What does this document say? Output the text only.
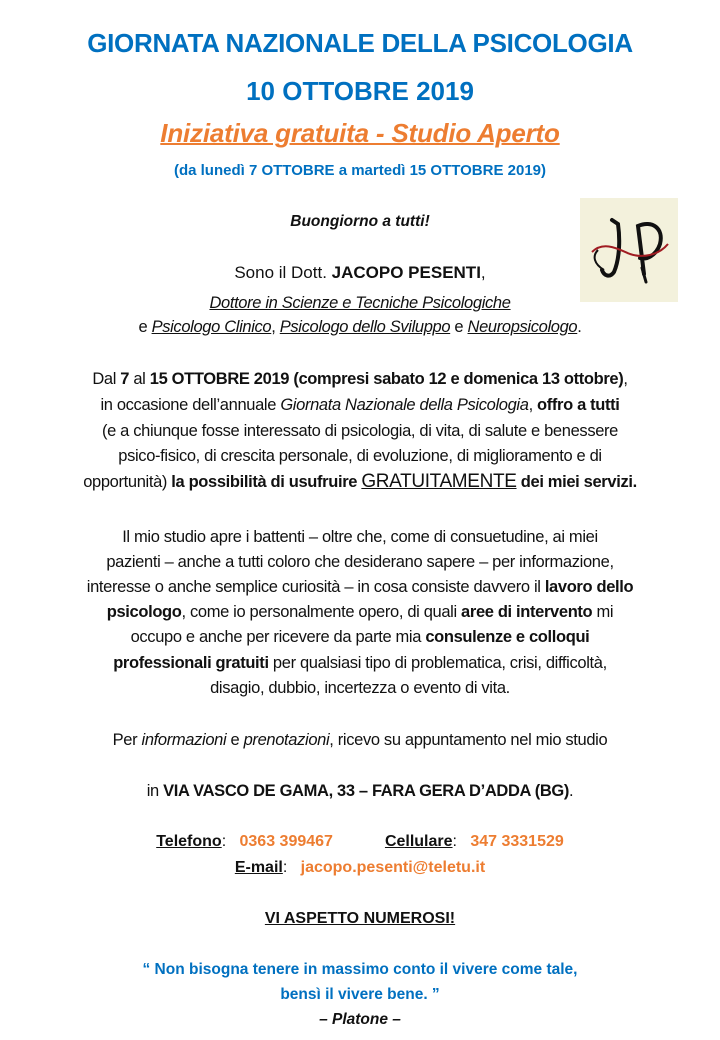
GIORNATA NAZIONALE DELLA PSICOLOGIA
10 OTTOBRE 2019
Iniziativa gratuita - Studio Aperto
(da lunedì 7 OTTOBRE a martedì 15 OTTOBRE 2019)
Buongiorno a tutti!
Sono il Dott. JACOPO PESENTI,
Dottore in Scienze e Tecniche Psicologiche
e Psicologo Clinico, Psicologo dello Sviluppo e Neuropsicologo.
Dal 7 al 15 OTTOBRE 2019 (compresi sabato 12 e domenica 13 ottobre),
in occasione dell’annuale Giornata Nazionale della Psicologia, offro a tutti
(e a chiunque fosse interessato di psicologia, di vita, di salute e benessere
psico-fisico, di crescita personale, di evoluzione, di miglioramento e di
opportunità) la possibilità di usufruire GRATUITAMENTE dei miei servizi.
Il mio studio apre i battenti – oltre che, come di consuetudine, ai miei
pazienti – anche a tutti coloro che desiderano sapere – per informazione,
interesse o anche semplice curiosità – in cosa consiste davvero il lavoro dello
psicologo, come io personalmente opero, di quali aree di intervento mi
occupo e anche per ricevere da parte mia consulenze e colloqui
professionali gratuiti per qualsiasi tipo di problematica, crisi, difficoltà,
disagio, dubbio, incertezza o evento di vita.
Per informazioni e prenotazioni, ricevo su appuntamento nel mio studio
in VIA VASCO DE GAMA, 33 – FARA GERA D’ADDA (BG).
Telefono: 0363 399467	Cellulare: 347 3331529
E-mail: jacopo.pesenti@teletu.it
VI ASPETTO NUMEROSI!
“ Non bisogna tenere in massimo conto il vivere come tale,
bensì il vivere bene. ”
– Platone –
